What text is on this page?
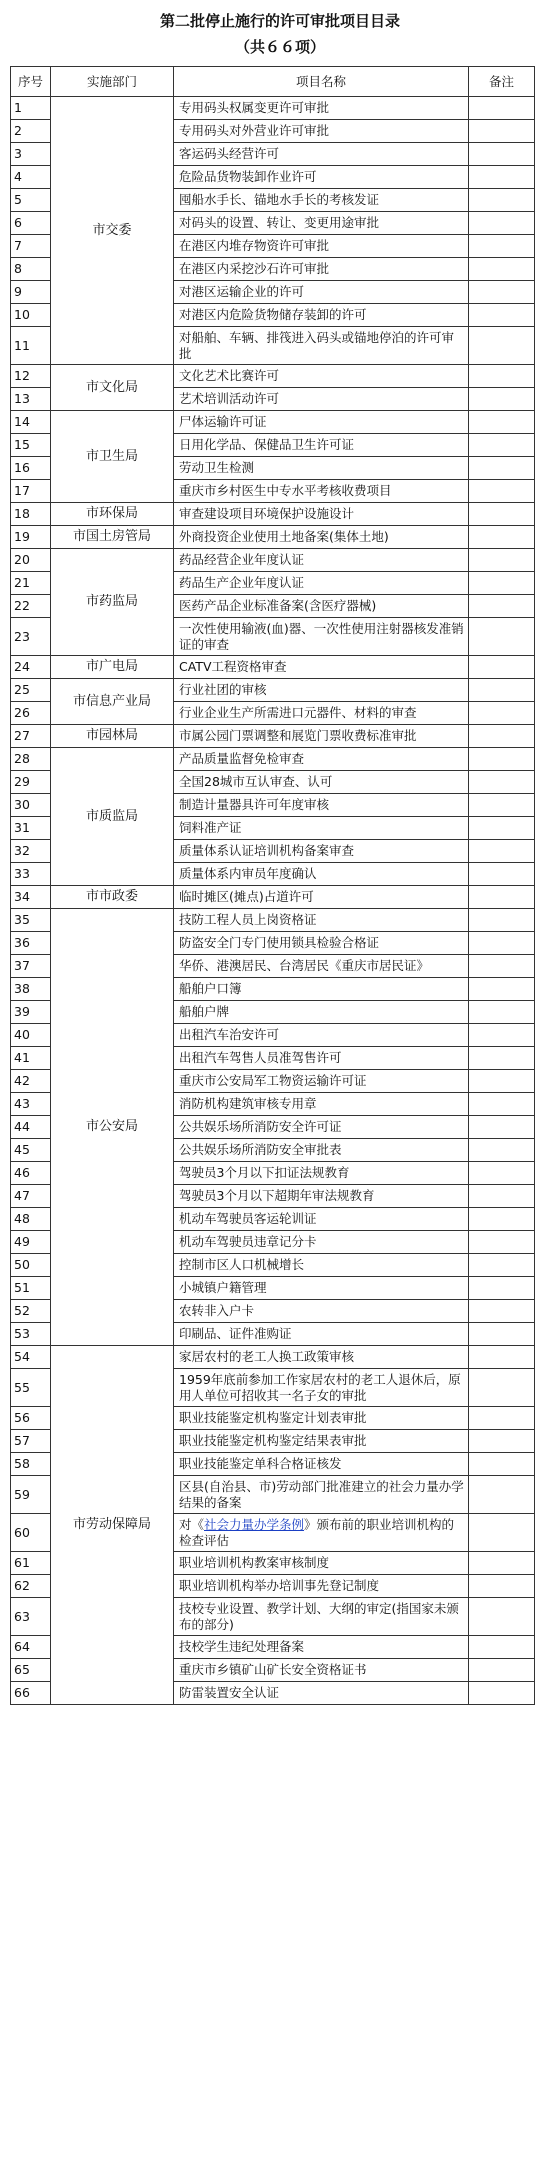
第二批停止施行的许可审批项目目录
（共６６项）
序号	实施部门	项目名称	备注
1	市交委	专用码头权属变更许可审批	
2		专用码头对外营业许可审批	
3		客运码头经营许可	
4		危险品货物装卸作业许可	
5		囤船水手长、锚地水手长的考核发证	
6		对码头的设置、转让、变更用途审批	
7		在港区内堆存物资许可审批	
8		在港区内采挖沙石许可审批	
9		对港区运输企业的许可	
10		对港区内危险货物储存装卸的许可	
11		对船舶、车辆、排筏进入码头或锚地停泊的许可审批	
12	市文化局	文化艺术比赛许可	
13		艺术培训活动许可	
14	市卫生局	尸体运输许可证	
15		日用化学品、保健品卫生许可证	
16		劳动卫生检测	
17		重庆市乡村医生中专水平考核收费项目	
18	市环保局	审查建设项目环境保护设施设计	
19	市国土房管局	外商投资企业使用土地备案(集体土地)	
20	市药监局	药品经营企业年度认证	
21		药品生产企业年度认证	
22		医药产品企业标准备案(含医疗器械)	
23		一次性使用输液(血)器、一次性使用注射器核发准销证的审查	
24	市广电局	CATV工程资格审查	
25	市信息产业局	行业社团的审核	
26		行业企业生产所需进口元器件、材料的审查	
27	市园林局	市属公园门票调整和展览门票收费标准审批	
28	市质监局	产品质量监督免检审查	
29		全国28城市互认审查、认可	
30		制造计量器具许可年度审核	
31		饲料准产证	
32		质量体系认证培训机构备案审查	
33		质量体系内审员年度确认	
34	市市政委	临时摊区(摊点)占道许可	
35	市公安局	技防工程人员上岗资格证	
36		防盗安全门专门使用锁具检验合格证	
37		华侨、港澳居民、台湾居民《重庆市居民证》	
38		船舶户口簿	
39		船舶户牌	
40		出租汽车治安许可	
41		出租汽车驾售人员准驾售许可	
42		重庆市公安局军工物资运输许可证	
43		消防机构建筑审核专用章	
44		公共娱乐场所消防安全许可证	
45		公共娱乐场所消防安全审批表	
46		驾驶员3个月以下扣证法规教育	
47		驾驶员3个月以下超期年审法规教育	
48		机动车驾驶员客运轮训证	
49		机动车驾驶员违章记分卡	
50		控制市区人口机械增长	
51		小城镇户籍管理	
52		农转非入户卡	
53		印刷品、证件准购证	
54	市劳动保障局	家居农村的老工人换工政策审核	
55		1959年底前参加工作家居农村的老工人退休后，原用人单位可招收其一名子女的审批	
56		职业技能鉴定机构鉴定计划表审批	
57		职业技能鉴定机构鉴定结果表审批	
58		职业技能鉴定单科合格证核发	
59		区县(自治县、市)劳动部门批准建立的社会力量办学结果的备案	
60		对《社会力量办学条例》颁布前的职业培训机构的检查评估	
61		职业培训机构教案审核制度	
62		职业培训机构举办培训事先登记制度	
63		技校专业设置、教学计划、大纲的审定(指国家未颁布的部分)	
64		技校学生违纪处理备案	
65		重庆市乡镇矿山矿长安全资格证书	
66		防雷装置安全认证	
